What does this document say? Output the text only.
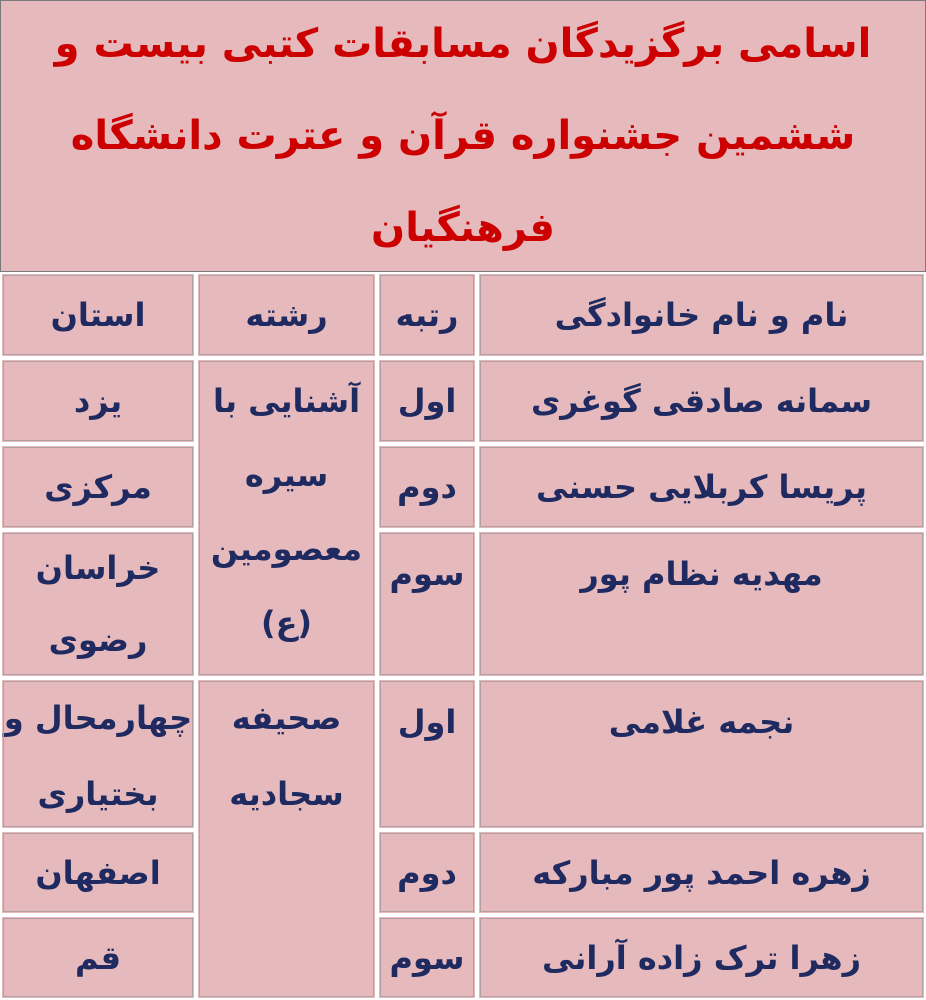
اسامی برگزیدگان مسابقات کتبی بیست و ششمین جشنواره قرآن و عترت دانشگاه فرهنگیان
نام و نام خانوادگی
رتبه
رشته
استان
آشنایی با سیره معصومین (ع)
سمانه صادقی گوغری
اول
یزد
پریسا کربلایی حسنی
دوم
مرکزی
مهدیه نظام پور
سوم
خراسان رضوی
صحیفه سجادیه
نجمه غلامی
اول
چهارمحال و بختیاری
زهره احمد پور مبارکه
دوم
اصفهان
زهرا ترک زاده آرانی
سوم
قم
